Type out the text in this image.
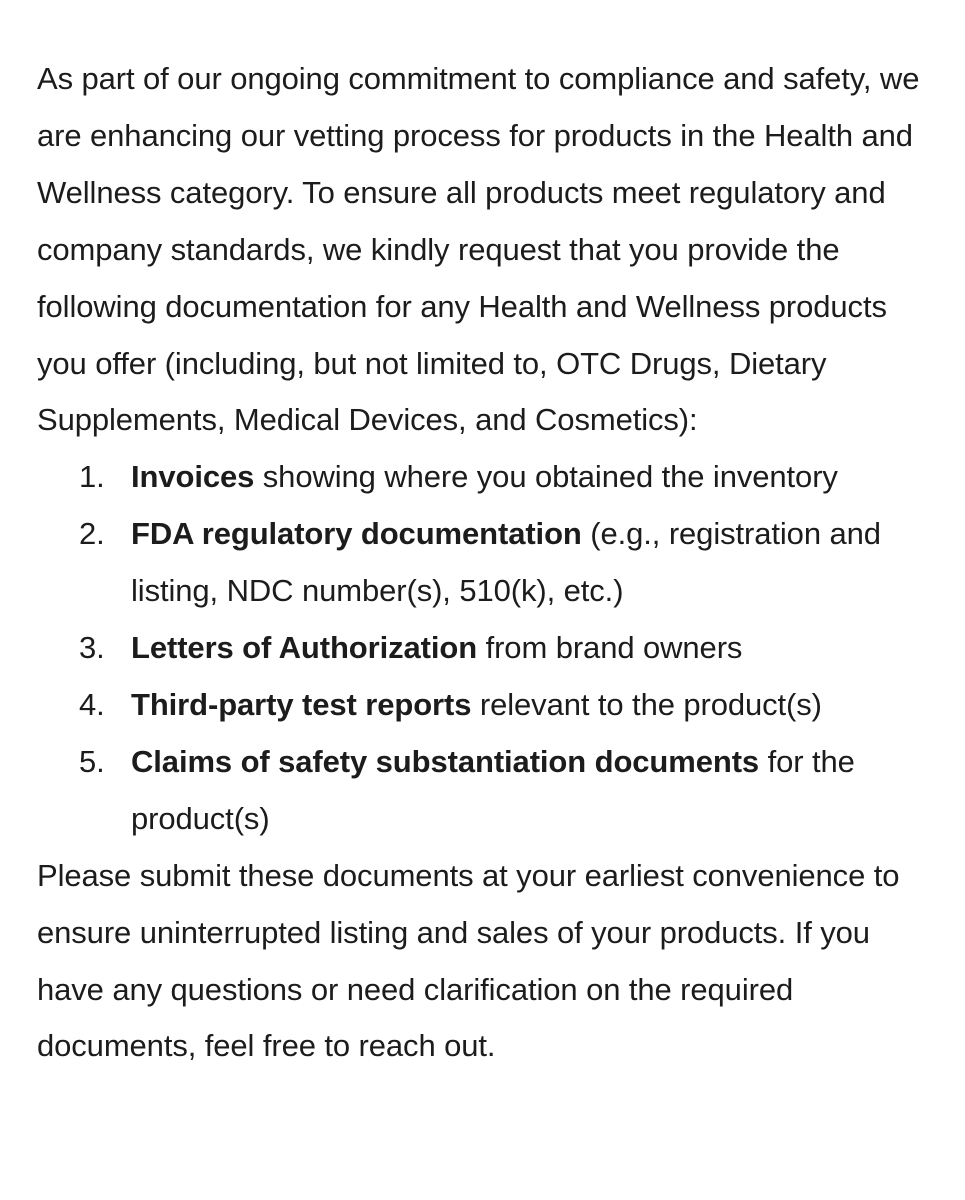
As part of our ongoing commitment to compliance and safety, we are enhancing our vetting process for products in the Health and Wellness category. To ensure all products meet regulatory and company standards, we kindly request that you provide the following documentation for any Health and Wellness products you offer (including, but not limited to, OTC Drugs, Dietary Supplements, Medical Devices, and Cosmetics):

1. Invoices showing where you obtained the inventory
2. FDA regulatory documentation (e.g., registration and listing, NDC number(s), 510(k), etc.)
3. Letters of Authorization from brand owners
4. Third-party test reports relevant to the product(s)
5. Claims of safety substantiation documents for the product(s)

Please submit these documents at your earliest convenience to ensure uninterrupted listing and sales of your products. If you have any questions or need clarification on the required documents, feel free to reach out.
